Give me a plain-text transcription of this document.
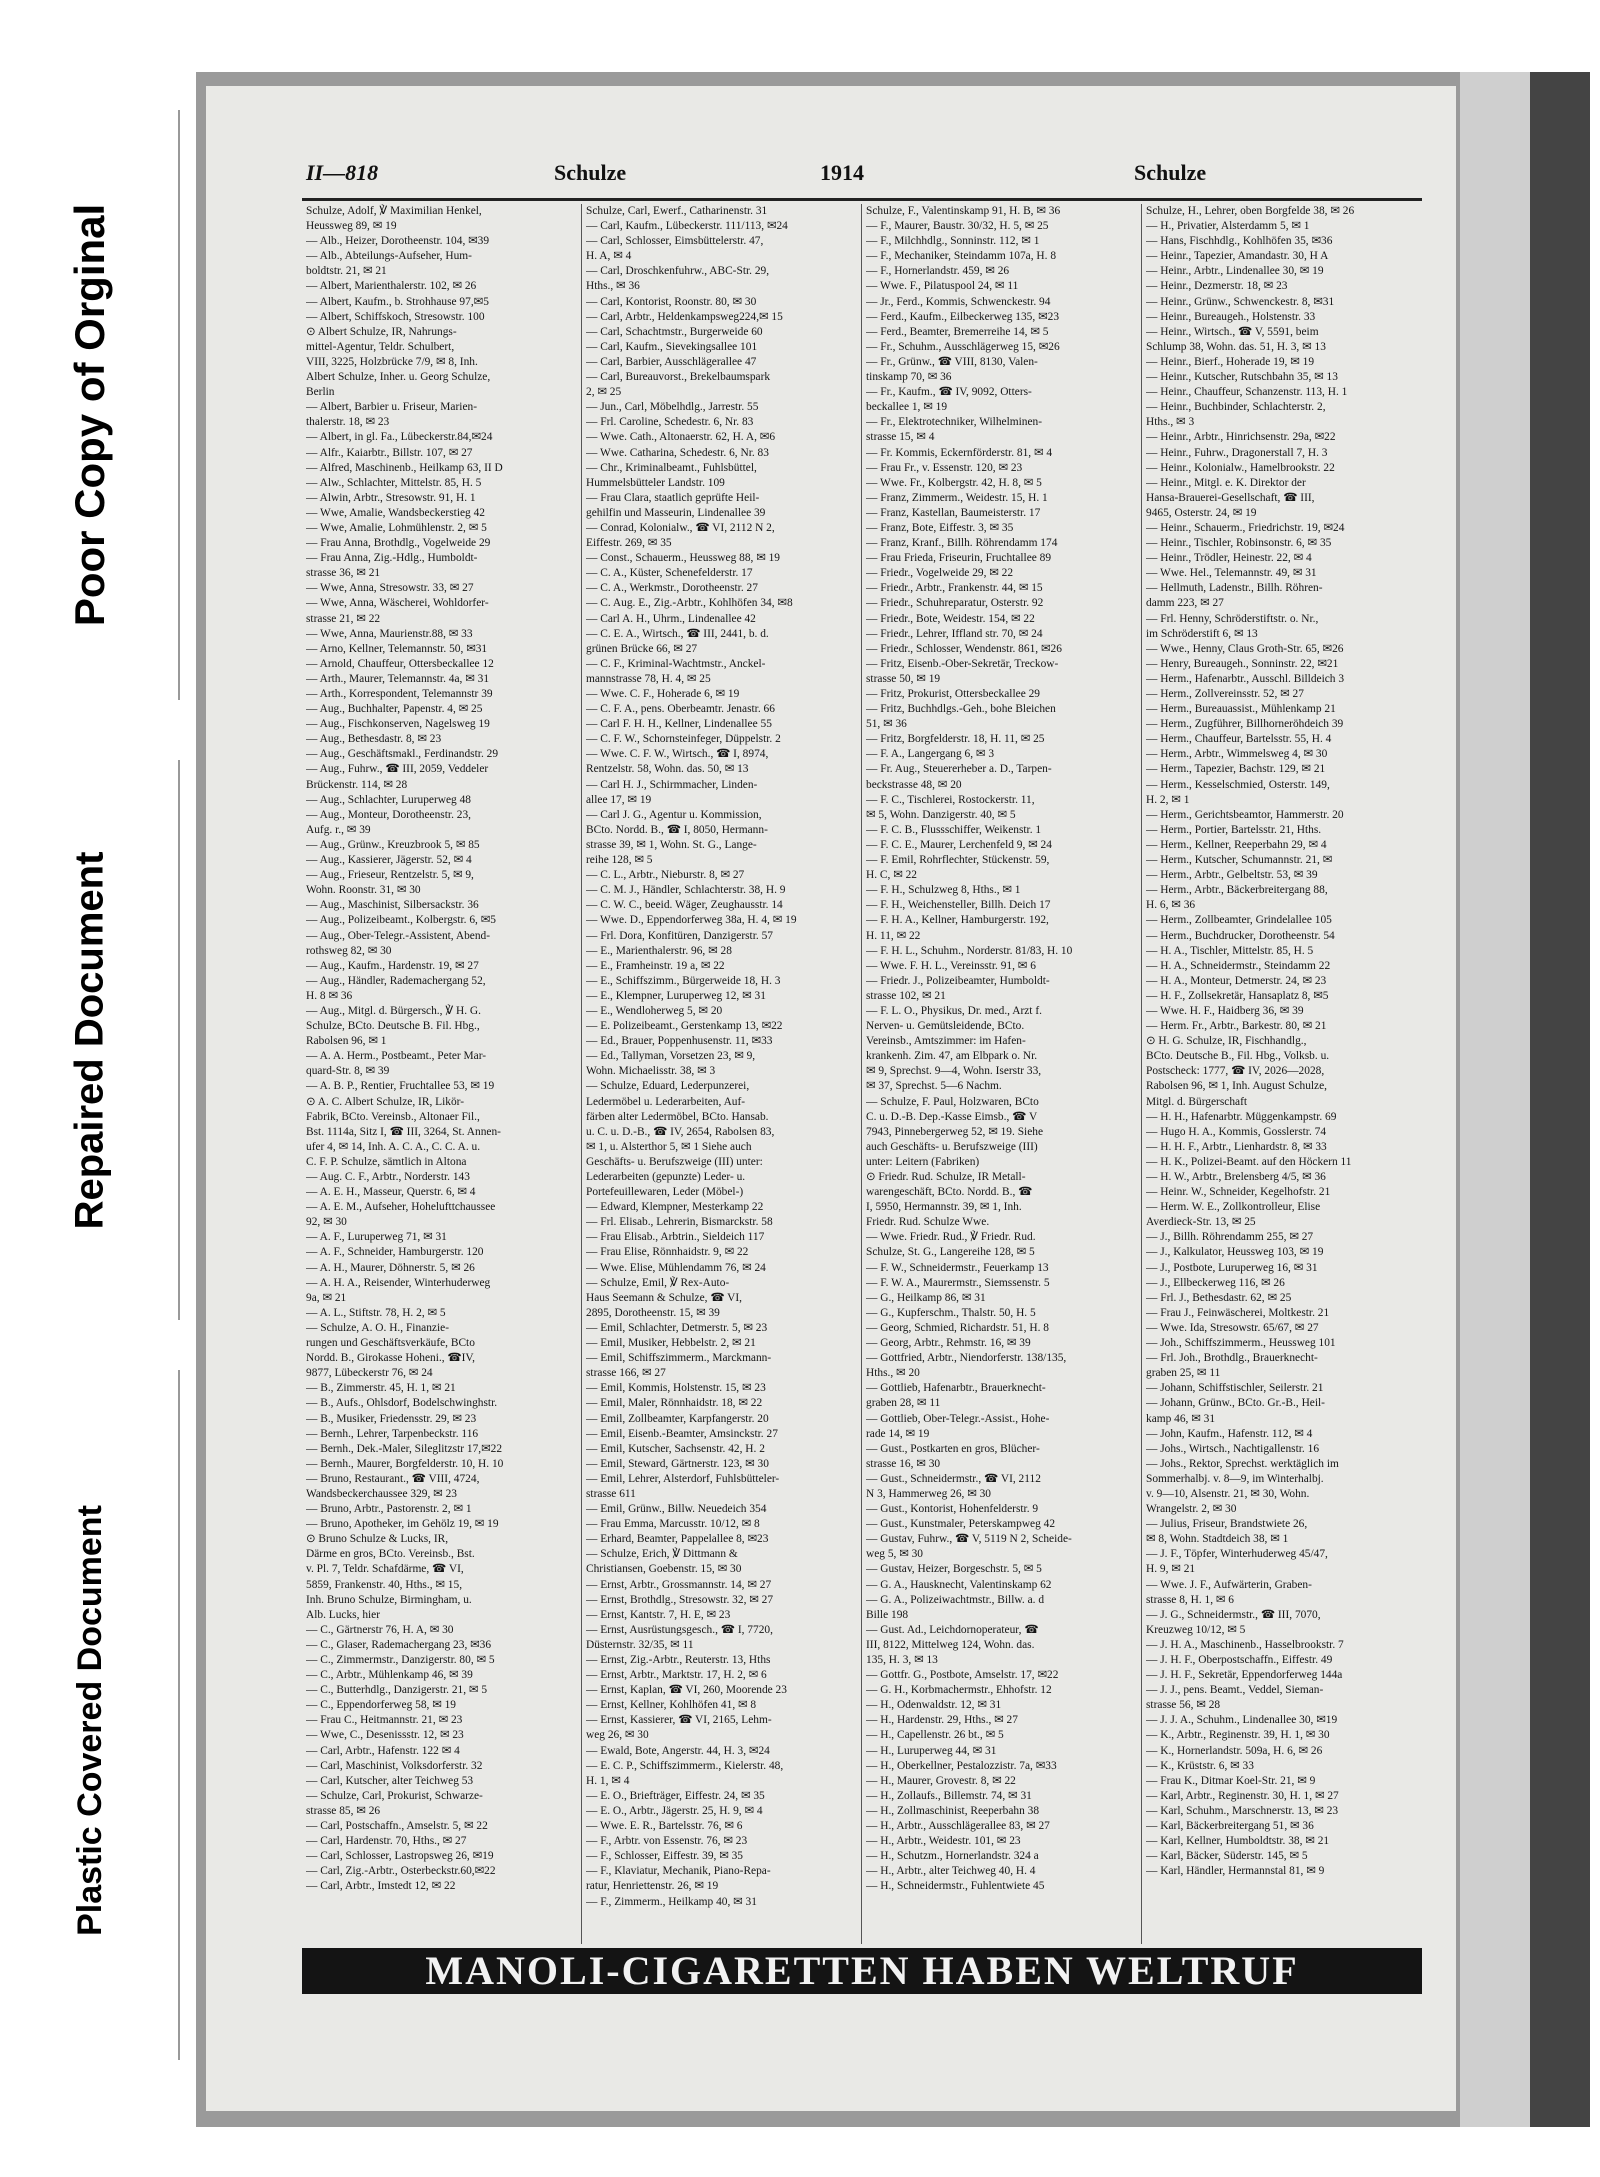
Poor Copy of Orginal
Repaired Document
Plastic Covered Document
II—818	Schulze	1914	Schulze
Schulze, Adolf, ℣ Maximilian Henkel,
Heussweg 89, ✉ 19
— Alb., Heizer, Dorotheenstr. 104, ✉39
— Alb., Abteilungs-Aufseher, Hum-
boldtstr. 21, ✉ 21
— Albert, Marienthalerstr. 102, ✉ 26
— Albert, Kaufm., b. Strohhause 97,✉5
— Albert, Schiffskoch, Stresowstr. 100
⊙ Albert Schulze, IR, Nahrungs-
mittel-Agentur, Teldr. Schulbert,
VIII, 3225, Holzbrücke 7/9, ✉ 8, Inh.
Albert Schulze, Inher. u. Georg Schulze,
Berlin
— Albert, Barbier u. Friseur, Marien-
thalerstr. 18, ✉ 23
— Albert, in gl. Fa., Lübeckerstr.84,✉24
— Alfr., Kaiarbtr., Billstr. 107, ✉ 27
— Alfred, Maschinenb., Heilkamp 63, II D
— Alw., Schlachter, Mittelstr. 85, H. 5
— Alwin, Arbtr., Stresowstr. 91, H. 1
— Wwe, Amalie, Wandsbeckerstieg 42
— Wwe, Amalie, Lohmühlenstr. 2, ✉ 5
— Frau Anna, Brothdlg., Vogelweide 29
— Frau Anna, Zig.-Hdlg., Humboldt-
strasse 36, ✉ 21
— Wwe, Anna, Stresowstr. 33, ✉ 27
— Wwe, Anna, Wäscherei, Wohldorfer-
strasse 21, ✉ 22
— Wwe, Anna, Maurienstr.88, ✉ 33
— Arno, Kellner, Telemannstr. 50, ✉31
— Arnold, Chauffeur, Ottersbeckallee 12
— Arth., Maurer, Telemannstr. 4a, ✉ 31
— Arth., Korrespondent, Telemannstr 39
— Aug., Buchhalter, Papenstr. 4, ✉ 25
— Aug., Fischkonserven, Nagelsweg 19
— Aug., Bethesdastr. 8, ✉ 23
— Aug., Geschäftsmakl., Ferdinandstr. 29
— Aug., Fuhrw., ☎ III, 2059, Veddeler
Brückenstr. 114, ✉ 28
— Aug., Schlachter, Luruperweg 48
— Aug., Monteur, Dorotheenstr. 23,
Aufg. r., ✉ 39
— Aug., Grünw., Kreuzbrook 5, ✉ 85
— Aug., Kassierer, Jägerstr. 52, ✉ 4
— Aug., Frieseur, Rentzelstr. 5, ✉ 9,
Wohn. Roonstr. 31, ✉ 30
— Aug., Maschinist, Silbersackstr. 36
— Aug., Polizeibeamt., Kolbergstr. 6, ✉5
— Aug., Ober-Telegr.-Assistent, Abend-
rothsweg 82, ✉ 30
— Aug., Kaufm., Hardenstr. 19, ✉ 27
— Aug., Händler, Rademachergang 52,
H. 8 ✉ 36
— Aug., Mitgl. d. Bürgersch., ℣ H. G.
Schulze, BCto. Deutsche B. Fil. Hbg.,
Rabolsen 96, ✉ 1
— A. A. Herm., Postbeamt., Peter Mar-
quard-Str. 8, ✉ 39
— A. B. P., Rentier, Fruchtallee 53, ✉ 19
⊙ A. C. Albert Schulze, IR, Likör-
Fabrik, BCto. Vereinsb., Altonaer Fil.,
Bst. 1114a, Sitz I, ☎ III, 3264, St. Annen-
ufer 4, ✉ 14, Inh. A. C. A., C. C. A. u.
C. F. P. Schulze, sämtlich in Altona
— Aug. C. F., Arbtr., Norderstr. 143
— A. E. H., Masseur, Querstr. 6, ✉ 4
— A. E. M., Aufseher, Hohelufttchaussee
92, ✉ 30
— A. F., Luruperweg 71, ✉ 31
— A. F., Schneider, Hamburgerstr. 120
— A. H., Maurer, Döhnerstr. 5, ✉ 26
— A. H. A., Reisender, Winterhuderweg
9a, ✉ 21
— A. L., Stiftstr. 78, H. 2, ✉ 5
— Schulze, A. O. H., Finanzie-
rungen und Geschäftsverkäufe, BCto
Nordd. B., Girokasse Hoheni., ☎IV,
9877, Lübeckerstr 76, ✉ 24
— B., Zimmerstr. 45, H. 1, ✉ 21
— B., Aufs., Ohlsdorf, Bodelschwinghstr.
— B., Musiker, Friedensstr. 29, ✉ 23
— Bernh., Lehrer, Tarpenbeckstr. 116
— Bernh., Dek.-Maler, Sileglitzstr 17,✉22
— Bernh., Maurer, Borgfelderstr. 10, H. 10
— Bruno, Restaurant., ☎ VIII, 4724,
Wandsbeckerchaussee 329, ✉ 23
— Bruno, Arbtr., Pastorenstr. 2, ✉ 1
— Bruno, Apotheker, im Gehölz 19, ✉ 19
⊙ Bruno Schulze & Lucks, IR,
Därme en gros, BCto. Vereinsb., Bst.
v. Pl. 7, Teldr. Schafdärme, ☎ VI,
5859, Frankenstr. 40, Hths., ✉ 15,
Inh. Bruno Schulze, Birmingham, u.
Alb. Lucks, hier
— C., Gärtnerstr 76, H. A, ✉ 30
— C., Glaser, Rademachergang 23, ✉36
— C., Zimmermstr., Danzigerstr. 80, ✉ 5
— C., Arbtr., Mühlenkamp 46, ✉ 39
— C., Butterhdlg., Danzigerstr. 21, ✉ 5
— C., Eppendorferweg 58, ✉ 19
— Frau C., Heitmannstr. 21, ✉ 23
— Wwe, C., Desenissstr. 12, ✉ 23
— Carl, Arbtr., Hafenstr. 122 ✉ 4
— Carl, Maschinist, Volksdorferstr. 32
— Carl, Kutscher, alter Teichweg 53
— Schulze, Carl, Prokurist, Schwarze-
strasse 85, ✉ 26
— Carl, Postschaffn., Amselstr. 5, ✉ 22
— Carl, Hardenstr. 70, Hths., ✉ 27
— Carl, Schlosser, Lastropsweg 26, ✉19
— Carl, Zig.-Arbtr., Osterbeckstr.60,✉22
— Carl, Arbtr., Imstedt 12, ✉ 22
Schulze, Carl, Ewerf., Catharinenstr. 31
— Carl, Kaufm., Lübeckerstr. 111/113, ✉24
— Carl, Schlosser, Eimsbüttelerstr. 47,
H. A, ✉ 4
— Carl, Droschkenfuhrw., ABC-Str. 29,
Hths., ✉ 36
— Carl, Kontorist, Roonstr. 80, ✉ 30
— Carl, Arbtr., Heldenkampsweg224,✉ 15
— Carl, Schachtmstr., Burgerweide 60
— Carl, Kaufm., Sievekingsallee 101
— Carl, Barbier, Ausschlägerallee 47
— Carl, Bureauvorst., Brekelbaumspark
2, ✉ 25
— Jun., Carl, Möbelhdlg., Jarrestr. 55
— Frl. Caroline, Schedestr. 6, Nr. 83
— Wwe. Cath., Altonaerstr. 62, H. A, ✉6
— Wwe. Catharina, Schedestr. 6, Nr. 83
— Chr., Kriminalbeamt., Fuhlsbüttel,
Hummelsbütteler Landstr. 109
— Frau Clara, staatlich geprüfte Heil-
gehilfin und Masseurin, Lindenallee 39
— Conrad, Kolonialw., ☎ VI, 2112 N 2,
Eiffestr. 269, ✉ 35
— Const., Schauerm., Heussweg 88, ✉ 19
— C. A., Küster, Schenefelderstr. 17
— C. A., Werkmstr., Dorotheenstr. 27
— C. Aug. E., Zig.-Arbtr., Kohlhöfen 34, ✉8
— Carl A. H., Uhrm., Lindenallee 42
— C. E. A., Wirtsch., ☎ III, 2441, b. d.
grünen Brücke 66, ✉ 27
— C. F., Kriminal-Wachtmstr., Anckel-
mannstrasse 78, H. 4, ✉ 25
— Wwe. C. F., Hoherade 6, ✉ 19
— C. F. A., pens. Oberbeamtr. Jenastr. 66
— Carl F. H. H., Kellner, Lindenallee 55
— C. F. W., Schornsteinfeger, Düppelstr. 2
— Wwe. C. F. W., Wirtsch., ☎ I, 8974,
Rentzelstr. 58, Wohn. das. 50, ✉ 13
— Carl H. J., Schirmmacher, Linden-
allee 17, ✉ 19
— Carl J. G., Agentur u. Kommission,
BCto. Nordd. B., ☎ I, 8050, Hermann-
strasse 39, ✉ 1, Wohn. St. G., Lange-
reihe 128, ✉ 5
— C. L., Arbtr., Nieburstr. 8, ✉ 27
— C. M. J., Händler, Schlachterstr. 38, H. 9
— C. W. C., beeid. Wäger, Zeughausstr. 14
— Wwe. D., Eppendorferweg 38a, H. 4, ✉ 19
— Frl. Dora, Konfitüren, Danzigerstr. 57
— E., Marienthalerstr. 96, ✉ 28
— E., Framheinstr. 19 a, ✉ 22
— E., Schiffszimm., Bürgerweide 18, H. 3
— E., Klempner, Luruperweg 12, ✉ 31
— E., Wendloherweg 5, ✉ 20
— E. Polizeibeamt., Gerstenkamp 13, ✉22
— Ed., Brauer, Poppenhusenstr. 11, ✉33
— Ed., Tallyman, Vorsetzen 23, ✉ 9,
Wohn. Michaelisstr. 38, ✉ 3
— Schulze, Eduard, Lederpunzerei,
Ledermöbel u. Lederarbeiten, Auf-
färben alter Ledermöbel, BCto. Hansab.
u. C. u. D.-B., ☎ IV, 2654, Rabolsen 83,
✉ 1, u. Alsterthor 5, ✉ 1 Siehe auch
Geschäfts- u. Berufszweige (III) unter:
Lederarbeiten (gepunzte) Leder- u.
Portefeuillewaren, Leder (Möbel-)
— Edward, Klempner, Mesterkamp 22
— Frl. Elisab., Lehrerin, Bismarckstr. 58
— Frau Elisab., Arbtrin., Sieldeich 117
— Frau Elise, Rönnhaidstr. 9, ✉ 22
— Wwe. Elise, Mühlendamm 76, ✉ 24
— Schulze, Emil, ℣ Rex-Auto-
Haus Seemann & Schulze, ☎ VI,
2895, Dorotheenstr. 15, ✉ 39
— Emil, Schlachter, Detmerstr. 5, ✉ 23
— Emil, Musiker, Hebbelstr. 2, ✉ 21
— Emil, Schiffszimmerm., Marckmann-
strasse 166, ✉ 27
— Emil, Kommis, Holstenstr. 15, ✉ 23
— Emil, Maler, Rönnhaidstr. 18, ✉ 22
— Emil, Zollbeamter, Karpfangerstr. 20
— Emil, Eisenb.-Beamter, Amsinckstr. 27
— Emil, Kutscher, Sachsenstr. 42, H. 2
— Emil, Steward, Gärtnerstr. 123, ✉ 30
— Emil, Lehrer, Alsterdorf, Fuhlsbütteler-
strasse 611
— Emil, Grünw., Billw. Neuedeich 354
— Frau Emma, Marcusstr. 10/12, ✉ 8
— Erhard, Beamter, Pappelallee 8, ✉23
— Schulze, Erich, ℣ Dittmann &
Christiansen, Goebenstr. 15, ✉ 30
— Ernst, Arbtr., Grossmannstr. 14, ✉ 27
— Ernst, Brothdlg., Stresowstr. 32, ✉ 27
— Ernst, Kantstr. 7, H. E, ✉ 23
— Ernst, Ausrüstungsgesch., ☎ I, 7720,
Düsternstr. 32/35, ✉ 11
— Ernst, Zig.-Arbtr., Reuterstr. 13, Hths
— Ernst, Arbtr., Marktstr. 17, H. 2, ✉ 6
— Ernst, Kaplan, ☎ VI, 260, Moorende 23
— Ernst, Kellner, Kohlhöfen 41, ✉ 8
— Ernst, Kassierer, ☎ VI, 2165, Lehm-
weg 26, ✉ 30
— Ewald, Bote, Angerstr. 44, H. 3, ✉24
— E. C. P., Schiffszimmerm., Kielerstr. 48,
H. 1, ✉ 4
— E. O., Briefträger, Eiffestr. 24, ✉ 35
— E. O., Arbtr., Jägerstr. 25, H. 9, ✉ 4
— Wwe. E. R., Bartelsstr. 76, ✉ 6
— F., Arbtr. von Essenstr. 76, ✉ 23
— F., Schlosser, Eiffestr. 39, ✉ 35
— F., Klaviatur, Mechanik, Piano-Repa-
ratur, Henriettenstr. 26, ✉ 19
— F., Zimmerm., Heilkamp 40, ✉ 31
Schulze, F., Valentinskamp 91, H. B, ✉ 36
— F., Maurer, Baustr. 30/32, H. 5, ✉ 25
— F., Milchhdlg., Sonninstr. 112, ✉ 1
— F., Mechaniker, Steindamm 107a, H. 8
— F., Hornerlandstr. 459, ✉ 26
— Wwe. F., Pilatuspool 24, ✉ 11
— Jr., Ferd., Kommis, Schwenckestr. 94
— Ferd., Kaufm., Eilbeckerweg 135, ✉23
— Ferd., Beamter, Bremerreihe 14, ✉ 5
— Fr., Schuhm., Ausschlägerweg 15, ✉26
— Fr., Grünw., ☎ VIII, 8130, Valen-
tinskamp 70, ✉ 36
— Fr., Kaufm., ☎ IV, 9092, Otters-
beckallee 1, ✉ 19
— Fr., Elektrotechniker, Wilhelminen-
strasse 15, ✉ 4
— Fr. Kommis, Eckernförderstr. 81, ✉ 4
— Frau Fr., v. Essenstr. 120, ✉ 23
— Wwe. Fr., Kolbergstr. 42, H. 8, ✉ 5
— Franz, Zimmerm., Weidestr. 15, H. 1
— Franz, Kastellan, Baumeisterstr. 17
— Franz, Bote, Eiffestr. 3, ✉ 35
— Franz, Kranf., Billh. Röhrendamm 174
— Frau Frieda, Friseurin, Fruchtallee 89
— Friedr., Vogelweide 29, ✉ 22
— Friedr., Arbtr., Frankenstr. 44, ✉ 15
— Friedr., Schuhreparatur, Osterstr. 92
— Friedr., Bote, Weidestr. 154, ✉ 22
— Friedr., Lehrer, Iffland str. 70, ✉ 24
— Friedr., Schlosser, Wendenstr. 861, ✉26
— Fritz, Eisenb.-Ober-Sekretär, Treckow-
strasse 50, ✉ 19
— Fritz, Prokurist, Ottersbeckallee 29
— Fritz, Buchhdlgs.-Geh., bohe Bleichen
51, ✉ 36
— Fritz, Borgfelderstr. 18, H. 11, ✉ 25
— F. A., Langergang 6, ✉ 3
— Fr. Aug., Steuererheber a. D., Tarpen-
beckstrasse 48, ✉ 20
— F. C., Tischlerei, Rostockerstr. 11,
✉ 5, Wohn. Danzigerstr. 40, ✉ 5
— F. C. B., Flussschiffer, Weikenstr. 1
— F. C. E., Maurer, Lerchenfeld 9, ✉ 24
— F. Emil, Rohrflechter, Stückenstr. 59,
H. C, ✉ 22
— F. H., Schulzweg 8, Hths., ✉ 1
— F. H., Weichensteller, Billh. Deich 17
— F. H. A., Kellner, Hamburgerstr. 192,
H. 11, ✉ 22
— F. H. L., Schuhm., Norderstr. 81/83, H. 10
— Wwe. F. H. L., Vereinsstr. 91, ✉ 6
— Friedr. J., Polizeibeamter, Humboldt-
strasse 102, ✉ 21
— F. L. O., Physikus, Dr. med., Arzt f.
Nerven- u. Gemütsleidende, BCto.
Vereinsb., Amtszimmer: im Hafen-
krankenh. Zim. 47, am Elbpark o. Nr.
✉ 9, Sprechst. 9—4, Wohn. Iserstr 33,
✉ 37, Sprechst. 5—6 Nachm.
— Schulze, F. Paul, Holzwaren, BCto
C. u. D.-B. Dep.-Kasse Eimsb., ☎ V
7943, Pinnebergerweg 52, ✉ 19. Siehe
auch Geschäfts- u. Berufszweige (III)
unter: Leitern (Fabriken)
⊙ Friedr. Rud. Schulze, IR Metall-
warengeschäft, BCto. Nordd. B., ☎
I, 5950, Hermannstr. 39, ✉ 1, Inh.
Friedr. Rud. Schulze Wwe.
— Wwe. Friedr. Rud., ℣ Friedr. Rud.
Schulze, St. G., Langereihe 128, ✉ 5
— F. W., Schneidermstr., Feuerkamp 13
— F. W. A., Maurermstr., Siemssenstr. 5
— G., Heilkamp 86, ✉ 31
— G., Kupferschm., Thalstr. 50, H. 5
— Georg, Schmied, Richardstr. 51, H. 8
— Georg, Arbtr., Rehmstr. 16, ✉ 39
— Gottfried, Arbtr., Niendorferstr. 138/135,
Hths., ✉ 20
— Gottlieb, Hafenarbtr., Brauerknecht-
graben 28, ✉ 11
— Gottlieb, Ober-Telegr.-Assist., Hohe-
rade 14, ✉ 19
— Gust., Postkarten en gros, Blücher-
strasse 16, ✉ 30
— Gust., Schneidermstr., ☎ VI, 2112
N 3, Hammerweg 26, ✉ 30
— Gust., Kontorist, Hohenfelderstr. 9
— Gust., Kunstmaler, Peterskampweg 42
— Gustav, Fuhrw., ☎ V, 5119 N 2, Scheide-
weg 5, ✉ 30
— Gustav, Heizer, Borgeschstr. 5, ✉ 5
— G. A., Hausknecht, Valentinskamp 62
— G. A., Polizeiwachtmstr., Billw. a. d
Bille 198
— Gust. Ad., Leichdornoperateur, ☎
III, 8122, Mittelweg 124, Wohn. das.
135, H. 3, ✉ 13
— Gottfr. G., Postbote, Amselstr. 17, ✉22
— G. H., Korbmachermstr., Ehhofstr. 12
— H., Odenwaldstr. 12, ✉ 31
— H., Hardenstr. 29, Hths., ✉ 27
— H., Capellenstr. 26 bt., ✉ 5
— H., Luruperweg 44, ✉ 31
— H., Oberkellner, Pestalozzistr. 7a, ✉33
— H., Maurer, Grovestr. 8, ✉ 22
— H., Zollaufs., Billemstr. 74, ✉ 31
— H., Zollmaschinist, Reeperbahn 38
— H., Arbtr., Ausschlägerallee 83, ✉ 27
— H., Arbtr., Weidestr. 101, ✉ 23
— H., Schutzm., Hornerlandstr. 324 a
— H., Arbtr., alter Teichweg 40, H. 4
— H., Schneidermstr., Fuhlentwiete 45
Schulze, H., Lehrer, oben Borgfelde 38, ✉ 26
— H., Privatier, Alsterdamm 5, ✉ 1
— Hans, Fischhdlg., Kohlhöfen 35, ✉36
— Heinr., Tapezier, Amandastr. 30, H A
— Heinr., Arbtr., Lindenallee 30, ✉ 19
— Heinr., Dezmerstr. 18, ✉ 23
— Heinr., Grünw., Schwenckestr. 8, ✉31
— Heinr., Bureaugeh., Holstenstr. 33
— Heinr., Wirtsch., ☎ V, 5591, beim
Schlump 38, Wohn. das. 51, H. 3, ✉ 13
— Heinr., Bierf., Hoherade 19, ✉ 19
— Heinr., Kutscher, Rutschbahn 35, ✉ 13
— Heinr., Chauffeur, Schanzenstr. 113, H. 1
— Heinr., Buchbinder, Schlachterstr. 2,
Hths., ✉ 3
— Heinr., Arbtr., Hinrichsenstr. 29a, ✉22
— Heinr., Fuhrw., Dragonerstall 7, H. 3
— Heinr., Kolonialw., Hamelbrookstr. 22
— Heinr., Mitgl. e. K. Direktor der
Hansa-Brauerei-Gesellschaft, ☎ III,
9465, Osterstr. 24, ✉ 19
— Heinr., Schauerm., Friedrichstr. 19, ✉24
— Heinr., Tischler, Robinsonstr. 6, ✉ 35
— Heinr., Trödler, Heinestr. 22, ✉ 4
— Wwe. Hel., Telemannstr. 49, ✉ 31
— Hellmuth, Ladenstr., Billh. Röhren-
damm 223, ✉ 27
— Frl. Henny, Schröderstiftstr. o. Nr.,
im Schröderstift 6, ✉ 13
— Wwe., Henny, Claus Groth-Str. 65, ✉26
— Henry, Bureaugeh., Sonninstr. 22, ✉21
— Herm., Hafenarbtr., Ausschl. Billdeich 3
— Herm., Zollvereinsstr. 52, ✉ 27
— Herm., Bureauassist., Mühlenkamp 21
— Herm., Zugführer, Billhorneröhdeich 39
— Herm., Chauffeur, Bartelsstr. 55, H. 4
— Herm., Arbtr., Wimmelsweg 4, ✉ 30
— Herm., Tapezier, Bachstr. 129, ✉ 21
— Herm., Kesselschmied, Osterstr. 149,
H. 2, ✉ 1
— Herm., Gerichtsbeamtor, Hammerstr. 20
— Herm., Portier, Bartelsstr. 21, Hths.
— Herm., Kellner, Reeperbahn 29, ✉ 4
— Herm., Kutscher, Schumannstr. 21, ✉
— Herm., Arbtr., Gelbeltstr. 53, ✉ 39
— Herm., Arbtr., Bäckerbreitergang 88,
H. 6, ✉ 36
— Herm., Zollbeamter, Grindelallee 105
— Herm., Buchdrucker, Dorotheenstr. 54
— H. A., Tischler, Mittelstr. 85, H. 5
— H. A., Schneidermstr., Steindamm 22
— H. A., Monteur, Detmerstr. 24, ✉ 23
— H. F., Zollsekretär, Hansaplatz 8, ✉5
— Wwe. H. F., Haidberg 36, ✉ 39
— Herm. Fr., Arbtr., Barkestr. 80, ✉ 21
⊙ H. G. Schulze, IR, Fischhandlg.,
BCto. Deutsche B., Fil. Hbg., Volksb. u.
Postscheck: 1777, ☎ IV, 2026—2028,
Rabolsen 96, ✉ 1, Inh. August Schulze,
Mitgl. d. Bürgerschaft
— H. H., Hafenarbtr. Müggenkampstr. 69
— Hugo H. A., Kommis, Gosslerstr. 74
— H. H. F., Arbtr., Lienhardstr. 8, ✉ 33
— H. K., Polizei-Beamt. auf den Höckern 11
— H. W., Arbtr., Brelensberg 4/5, ✉ 36
— Heinr. W., Schneider, Kegelhofstr. 21
— Herm. W. E., Zollkontrolleur, Elise
Averdieck-Str. 13, ✉ 25
— J., Billh. Röhrendamm 255, ✉ 27
— J., Kalkulator, Heussweg 103, ✉ 19
— J., Postbote, Luruperweg 16, ✉ 31
— J., Ellbeckerweg 116, ✉ 26
— Frl. J., Bethesdastr. 62, ✉ 25
— Frau J., Feinwäscherei, Moltkestr. 21
— Wwe. Ida, Stresowstr. 65/67, ✉ 27
— Joh., Schiffszimmerm., Heussweg 101
— Frl. Joh., Brothdlg., Brauerknecht-
graben 25, ✉ 11
— Johann, Schiffstischler, Seilerstr. 21
— Johann, Grünw., BCto. Gr.-B., Heil-
kamp 46, ✉ 31
— John, Kaufm., Hafenstr. 112, ✉ 4
— Johs., Wirtsch., Nachtigallenstr. 16
— Johs., Rektor, Sprechst. werktäglich im
Sommerhalbj. v. 8—9, im Winterhalbj.
v. 9—10, Alsenstr. 21, ✉ 30, Wohn.
Wrangelstr. 2, ✉ 30
— Julius, Friseur, Brandstwiete 26,
✉ 8, Wohn. Stadtdeich 38, ✉ 1
— J. F., Töpfer, Winterhuderweg 45/47,
H. 9, ✉ 21
— Wwe. J. F., Aufwärterin, Graben-
strasse 8, H. 1, ✉ 6
— J. G., Schneidermstr., ☎ III, 7070,
Kreuzweg 10/12, ✉ 5
— J. H. A., Maschinenb., Hasselbrookstr. 7
— J. H. F., Oberpostschaffn., Eiffestr. 49
— J. H. F., Sekretär, Eppendorferweg 144a
— J. J., pens. Beamt., Veddel, Sieman-
strasse 56, ✉ 28
— J. J. A., Schuhm., Lindenallee 30, ✉19
— K., Arbtr., Reginenstr. 39, H. 1, ✉ 30
— K., Hornerlandstr. 509a, H. 6, ✉ 26
— K., Krüststr. 6, ✉ 33
— Frau K., Ditmar Koel-Str. 21, ✉ 9
— Karl, Arbtr., Reginenstr. 30, H. 1, ✉ 27
— Karl, Schuhm., Marschnerstr. 13, ✉ 23
— Karl, Bäckerbreitergang 51, ✉ 36
— Karl, Kellner, Humboldtstr. 38, ✉ 21
— Karl, Bäcker, Süderstr. 145, ✉ 5
— Karl, Händler, Hermannstal 81, ✉ 9
MANOLI-CIGARETTEN HABEN WELTRUF
